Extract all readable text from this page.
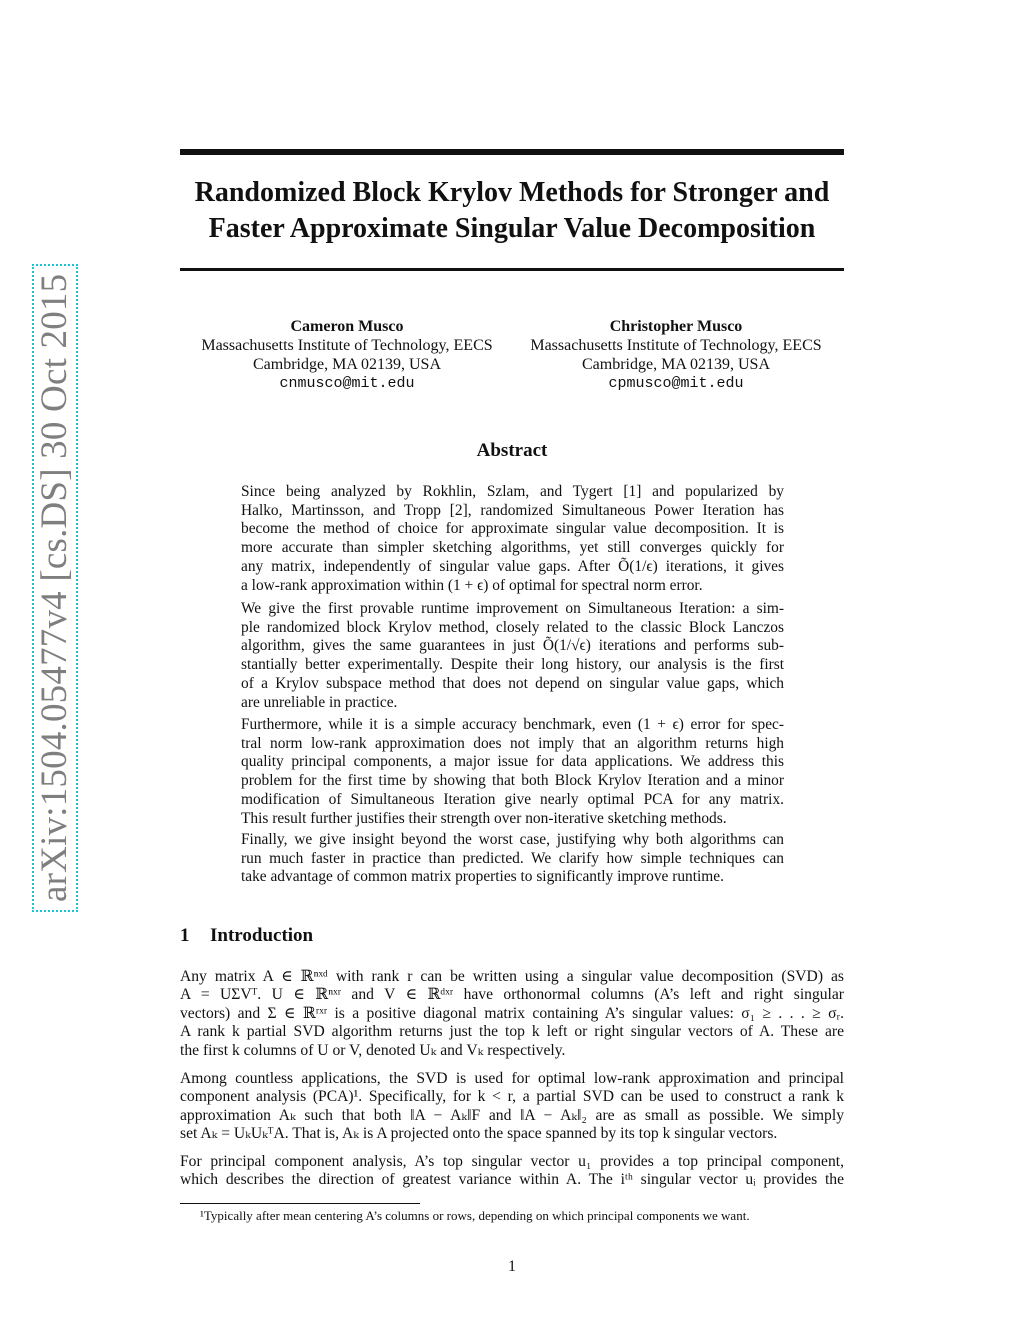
Randomized Block Krylov Methods for Stronger and
Faster Approximate Singular Value Decomposition
arXiv:1504.05477v4 [cs.DS] 30 Oct 2015	Cameron Musco
Massachusetts Institute of Technology, EECS
Cambridge, MA 02139, USA
cnmusco@mit.edu
Christopher Musco
Massachusetts Institute of Technology, EECS
Cambridge, MA 02139, USA
cpmusco@mit.edu
Abstract
Since being analyzed by Rokhlin, Szlam, and Tygert [1] and popularized by
Halko, Martinsson, and Tropp [2], randomized Simultaneous Power Iteration has
become the method of choice for approximate singular value decomposition. It is
more accurate than simpler sketching algorithms, yet still converges quickly for
any matrix, independently of singular value gaps. After Õ(1/ϵ) iterations, it gives
a low-rank approximation within (1 + ϵ) of optimal for spectral norm error.
We give the first provable runtime improvement on Simultaneous Iteration: a sim-
ple randomized block Krylov method, closely related to the classic Block Lanczos
algorithm, gives the same guarantees in just Õ(1/√ϵ) iterations and performs sub-
stantially better experimentally. Despite their long history, our analysis is the first
of a Krylov subspace method that does not depend on singular value gaps, which
are unreliable in practice.
Furthermore, while it is a simple accuracy benchmark, even (1 + ϵ) error for spec-
tral norm low-rank approximation does not imply that an algorithm returns high
quality principal components, a major issue for data applications. We address this
problem for the first time by showing that both Block Krylov Iteration and a minor
modification of Simultaneous Iteration give nearly optimal PCA for any matrix.
This result further justifies their strength over non-iterative sketching methods.
Finally, we give insight beyond the worst case, justifying why both algorithms can
run much faster in practice than predicted. We clarify how simple techniques can
take advantage of common matrix properties to significantly improve runtime.
1 Introduction
Any matrix A ∈ ℝⁿˣᵈ with rank r can be written using a singular value decomposition (SVD) as
A = UΣVᵀ. U ∈ ℝⁿˣʳ and V ∈ ℝᵈˣʳ have orthonormal columns (A’s left and right singular
vectors) and Σ ∈ ℝʳˣʳ is a positive diagonal matrix containing A’s singular values: σ₁ ≥ . . . ≥ σᵣ.
A rank k partial SVD algorithm returns just the top k left or right singular vectors of A. These are
the first k columns of U or V, denoted Uₖ and Vₖ respectively.
Among countless applications, the SVD is used for optimal low-rank approximation and principal
component analysis (PCA)¹. Specifically, for k < r, a partial SVD can be used to construct a rank k
approximation Aₖ such that both ‖A − Aₖ‖F and ‖A − Aₖ‖₂ are as small as possible. We simply
set Aₖ = UₖUₖᵀA. That is, Aₖ is A projected onto the space spanned by its top k singular vectors.
For principal component analysis, A’s top singular vector u₁ provides a top principal component,
which describes the direction of greatest variance within A. The iᵗʰ singular vector uᵢ provides the
¹Typically after mean centering A’s columns or rows, depending on which principal components we want.
1
